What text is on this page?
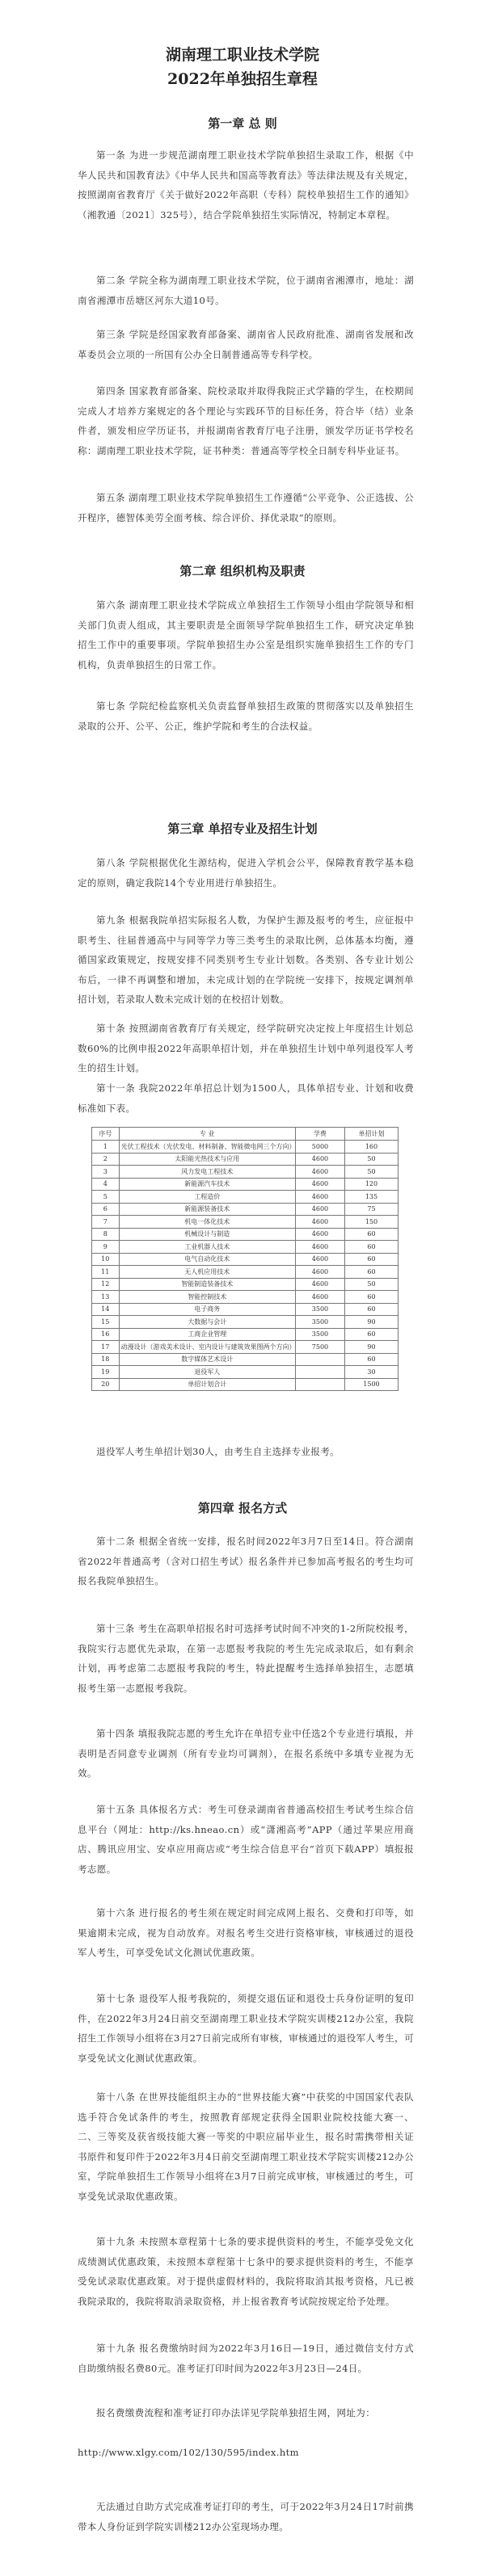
湖南理工职业技术学院
2022年单独招生章程
第一章 总 则

第一条 为进一步规范湖南理工职业技术学院单独招生录取工作，根据《中华人民共和国教育法》《中华人民共和国高等教育法》等法律法规及有关规定，按照湖南省教育厅《关于做好2022年高职（专科）院校单独招生工作的通知》（湘教通〔2021〕325号），结合学院单独招生实际情况，特制定本章程。

第二条 学院全称为湖南理工职业技术学院，位于湖南省湘潭市，地址：湖南省湘潭市岳塘区河东大道10号。

第三条 学院是经国家教育部备案、湖南省人民政府批准、湖南省发展和改革委员会立项的一所国有公办全日制普通高等专科学校。

第四条 国家教育部备案、院校录取并取得我院正式学籍的学生，在校期间完成人才培养方案规定的各个理论与实践环节的目标任务，符合毕（结）业条件者，颁发相应学历证书，并报湖南省教育厅电子注册，颁发学历证书学校名称：湖南理工职业技术学院，证书种类：普通高等学校全日制专科毕业证书。

第五条 湖南理工职业技术学院单独招生工作遵循“公平竞争、公正选拔、公开程序，德智体美劳全面考核、综合评价、择优录取”的原则。

第二章 组织机构及职责

第六条 湖南理工职业技术学院成立单独招生工作领导小组由学院领导和相关部门负责人组成，其主要职责是全面领导学院单独招生工作，研究决定单独招生工作中的重要事项。学院单独招生办公室是组织实施单独招生工作的专门机构，负责单独招生的日常工作。

第七条 学院纪检监察机关负责监督单独招生政策的贯彻落实以及单独招生录取的公开、公平、公正，维护学院和考生的合法权益。

第三章 单招专业及招生计划

第八条 学院根据优化生源结构，促进入学机会公平，保障教育教学基本稳定的原则，确定我院14个专业用进行单独招生。

第九条 根据我院单招实际报名人数，为保护生源及报考的考生，应征报中职考生、往届普通高中与同等学力等三类考生的录取比例，总体基本均衡，遵循国家政策规定，按规安排不同类别考生专业计划数。各类别、各专业计划公布后，一律不再调整和增加，未完成计划的在学院统一安排下，按规定调剂单招计划，若录取人数未完成计划的在校招计划数。

第十条 按照湖南省教育厅有关规定，经学院研究决定按上年度招生计划总数60%的比例申报2022年高职单招计划，并在单独招生计划中单列退役军人考生的招生计划。

第十一条 我院2022年单招总计划为1500人，具体单招专业、计划和收费标准如下表。

序号	专 业	学费	单招计划
1	光伏工程技术（光伏发电、材料制备、智能微电网三个方向）	5000	160
2	太阳能光热技术与应用	4600	50
3	风力发电工程技术	4600	50
4	新能源汽车技术	4600	120
5	工程造价	4600	135
6	新能源装备技术	4600	75
7	机电一体化技术	4600	150
8	机械设计与制造	4600	60
9	工业机器人技术	4600	60
10	电气自动化技术	4600	60
11	无人机应用技术	4600	60
12	智能制造装备技术	4600	50
13	智能控制技术	4600	60
14	电子商务	3500	60
15	大数据与会计	3500	90
16	工商企业管理	3500	60
17	动漫设计（游戏美术设计、室内设计与建筑效果图两个方向）	7500	90
18	数字媒体艺术设计		60
19	退役军人		30
20	单招计划合计		1500

退役军人考生单招计划30人，由考生自主选择专业报考。

第四章 报名方式

第十二条 根据全省统一安排，报名时间2022年3月7日至14日。符合湖南省2022年普通高考（含对口招生考试）报名条件并已参加高考报名的考生均可报名我院单独招生。

第十三条 考生在高职单招报名时可选择考试时间不冲突的1-2所院校报考，我院实行志愿优先录取，在第一志愿报考我院的考生先完成录取后，如有剩余计划，再考虑第二志愿报考我院的考生，特此提醒考生选择单独招生，志愿填报考生第一志愿报考我院。

第十四条 填报我院志愿的考生允许在单招专业中任选2个专业进行填报，并表明是否同意专业调剂（所有专业均可调剂），在报名系统中多填专业视为无效。

第十五条 具体报名方式：考生可登录湖南省普通高校招生考试考生综合信息平台（网址：http://ks.hneao.cn）或“潇湘高考”APP（通过苹果应用商店、腾讯应用宝、安卓应用商店或“考生综合信息平台”首页下载APP）填报报考志愿。

第十六条 进行报名的考生须在规定时间完成网上报名、交费和打印等，如果逾期未完成，视为自动放弃。对报名考生交进行资格审核，审核通过的退役军人考生，可享受免试文化测试优惠政策。

第十七条 退役军人报考我院的，须提交退伍证和退役士兵身份证明的复印件，在2022年3月24日前交至湖南理工职业技术学院实训楼212办公室，我院招生工作领导小组将在3月27日前完成所有审核，审核通过的退役军人考生，可享受免试文化测试优惠政策。

第十八条 在世界技能组织主办的“世界技能大赛”中获奖的中国国家代表队选手符合免试条件的考生，按照教育部规定获得全国职业院校技能大赛一、二、三等奖及获省级技能大赛一等奖的中职应届毕业生，报名时需携带相关证书原件和复印件于2022年3月4日前交至湖南理工职业技术学院实训楼212办公室，学院单独招生工作领导小组将在3月7日前完成审核，审核通过的考生，可享受免试录取优惠政策。

第十九条 未按照本章程第十七条的要求提供资料的考生，不能享受免文化成绩测试优惠政策，未按照本章程第十七条中的要求提供资料的考生，不能享受免试录取优惠政策。对于提供虚假材料的，我院将取消其报考资格，凡已被我院录取的，我院将取消录取资格，并上报省教育考试院按规定给予处理。

第十九条 报名费缴纳时间为2022年3月16日—19日，通过微信支付方式自助缴纳报名费80元。准考证打印时间为2022年3月23日—24日。

报名费缴费流程和准考证打印办法详见学院单独招生网，网址为：

http://www.xlgy.com/102/130/595/index.htm

无法通过自助方式完成准考证打印的考生，可于2022年3月24日17时前携带本人身份证到学院实训楼212办公室现场办理。
